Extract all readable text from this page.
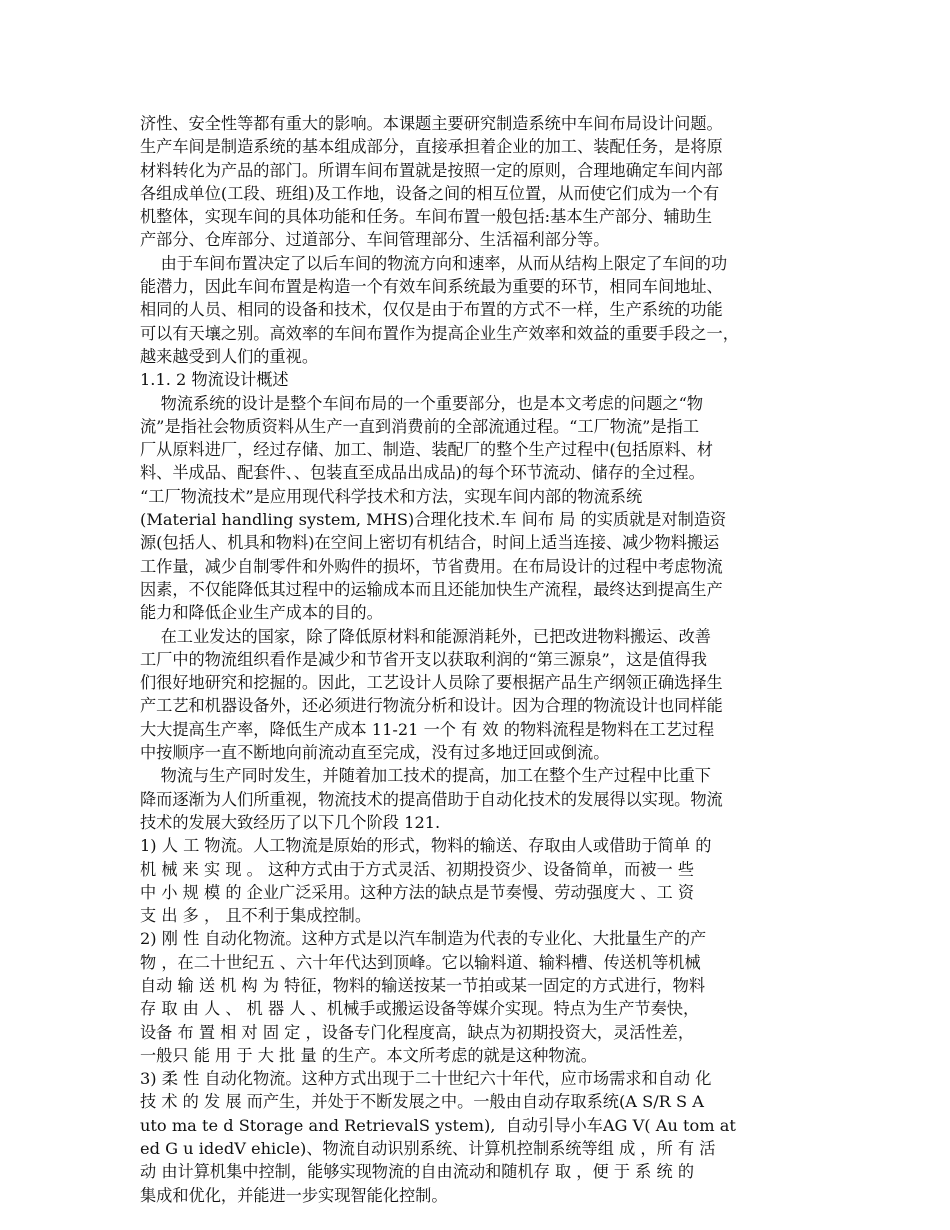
济性、安全性等都有重大的影响。本课题主要研究制造系统中车间布局设计问题。
生产车间是制造系统的基本组成部分，直接承担着企业的加工、装配任务，是将原
材料转化为产品的部门。所谓车间布置就是按照一定的原则，合理地确定车间内部
各组成单位(工段、班组)及工作地，设备之间的相互位置，从而使它们成为一个有
机整体，实现车间的具体功能和任务。车间布置一般包括:基本生产部分、辅助生
产部分、仓库部分、过道部分、车间管理部分、生活福利部分等。
由于车间布置决定了以后车间的物流方向和速率，从而从结构上限定了车间的功
能潜力，因此车间布置是构造一个有效车间系统最为重要的环节，相同车间地址、
相同的人员、相同的设备和技术，仅仅是由于布置的方式不一样，生产系统的功能
可以有天壤之别。高效率的车间布置作为提高企业生产效率和效益的重要手段之一，
越来越受到人们的重视。
1.1. 2 物流设计概述
物流系统的设计是整个车间布局的一个重要部分，也是本文考虑的问题之“物
流”是指社会物质资料从生产一直到消费前的全部流通过程。“工厂物流”是指工
厂从原料进厂，经过存储、加工、制造、装配厂的整个生产过程中(包括原料、材
料、半成品、配套件、、包装直至成品出成品)的每个环节流动、储存的全过程。
“工厂物流技术”是应用现代科学技术和方法，实现车间内部的物流系统
(Material handling system, MHS)合理化技术.车 间布 局 的实质就是对制造资
源(包括人、机具和物料)在空间上密切有机结合，时间上适当连接、减少物料搬运
工作量，减少自制零件和外购件的损坏，节省费用。在布局设计的过程中考虑物流
因素，不仅能降低其过程中的运输成本而且还能加快生产流程，最终达到提高生产
能力和降低企业生产成本的目的。
在工业发达的国家，除了降低原材料和能源消耗外，已把改进物料搬运、改善
工厂中的物流组织看作是减少和节省开支以获取利润的“第三源泉”，这是值得我
们很好地研究和挖掘的。因此，工艺设计人员除了要根据产品生产纲领正确选择生
产工艺和机器设备外，还必须进行物流分析和设计。因为合理的物流设计也同样能
大大提高生产率，降低生产成本 11-21 一个 有 效 的物料流程是物料在工艺过程
中按顺序一直不断地向前流动直至完成，没有过多地迂回或倒流。
物流与生产同时发生，并随着加工技术的提高，加工在整个生产过程中比重下
降而逐渐为人们所重视，物流技术的提高借助于自动化技术的发展得以实现。物流
技术的发展大致经历了以下几个阶段 121.
1) 人 工 物流。人工物流是原始的形式，物料的输送、存取由人或借助于简单 的
机 械 来 实 现 。 这种方式由于方式灵活、初期投资少、设备简单，而被一 些
中 小 规 模 的 企业广泛采用。这种方法的缺点是节奏慢、劳动强度大 、工 资
支 出 多 ， 且不利于集成控制。
2) 刚 性 自动化物流。这种方式是以汽车制造为代表的专业化、大批量生产的产
物 ，在二十世纪五 、六十年代达到顶峰。它以输料道、输料槽、传送机等机械
自动 输 送 机 构 为 特征，物料的输送按某一节拍或某一固定的方式进行，物料
存 取 由 人 、 机 器 人 、机械手或搬运设备等媒介实现。特点为生产节奏快，
设备 布 置 相 对 固 定 ，设备专门化程度高，缺点为初期投资大，灵活性差，
一般只 能 用 于 大 批 量 的生产。本文所考虑的就是这种物流。
3) 柔 性 自动化物流。这种方式出现于二十世纪六十年代，应市场需求和自动 化
技 术 的 发 展 而产生，并处于不断发展之中。一般由自动存取系统(A S/R S A
uto ma te d Storage and RetrievalS ystem),  自动引导小车AG V( Au tom at
ed G u idedV ehicle)、物流自动识别系统、计算机控制系统等组 成 ，所 有 活
动 由计算机集中控制，能够实现物流的自由流动和随机存 取 ，便 于 系 统 的
集成和优化，并能进一步实现智能化控制。
